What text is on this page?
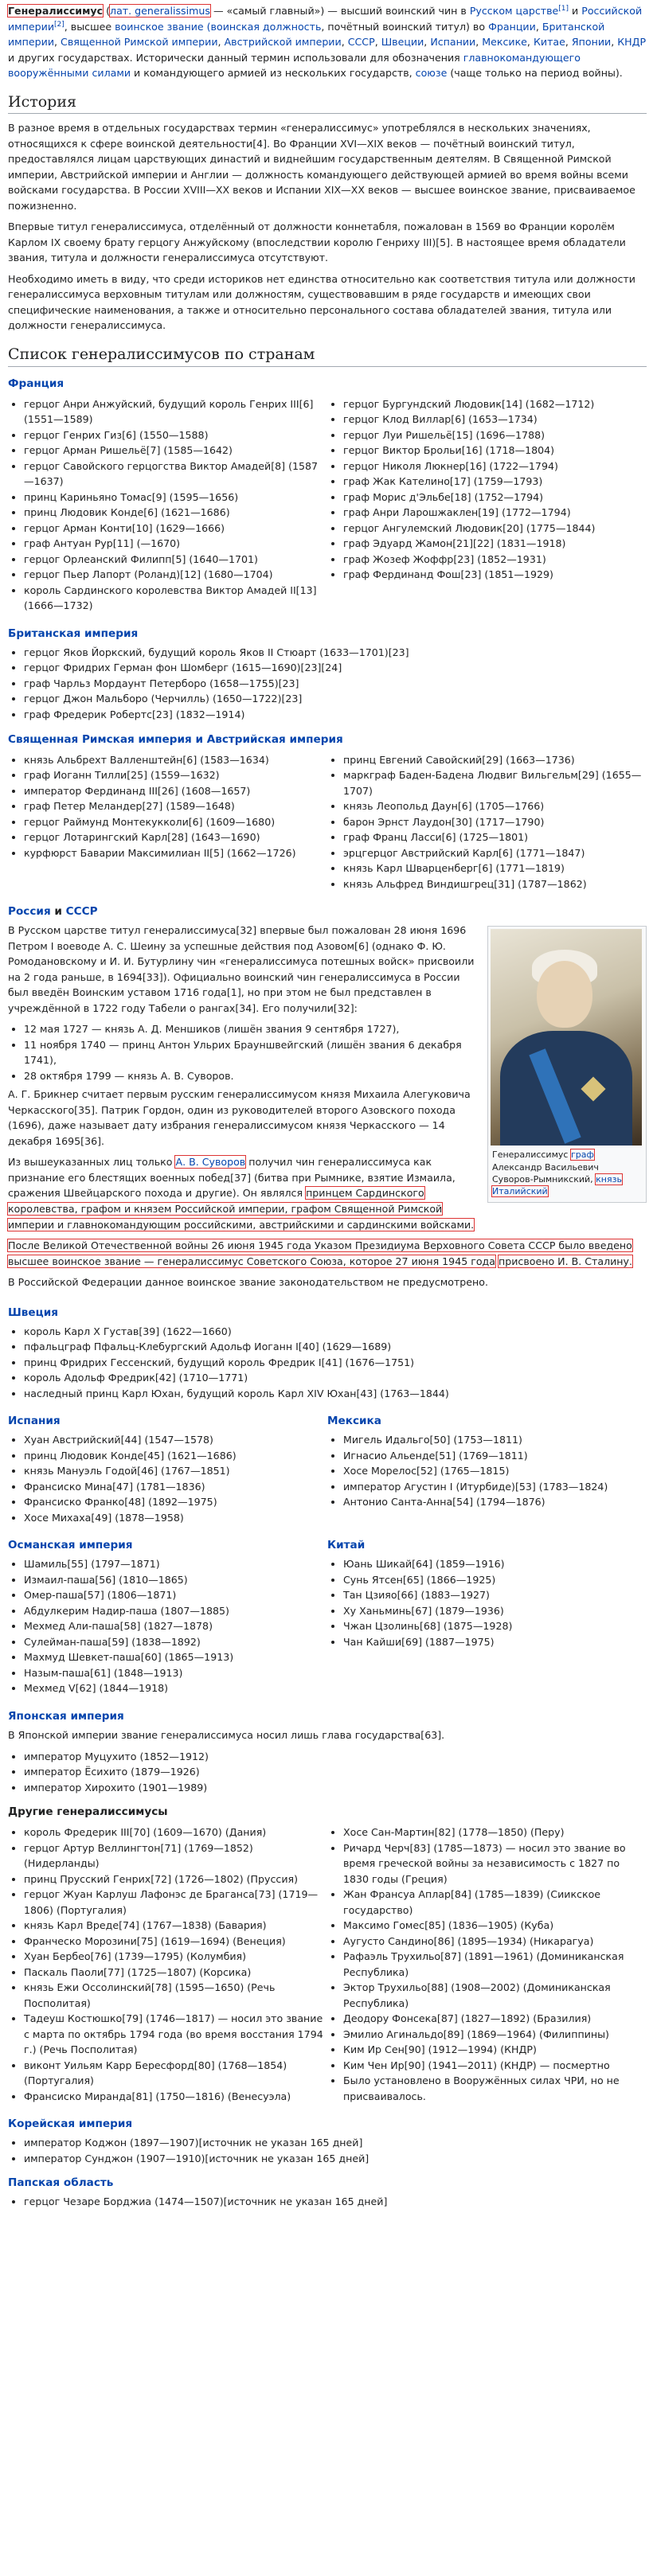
Генералиссимус (лат. generalissimus — «самый главный») — высший воинский чин в Русском царстве[1] и Российской империи[2], высшее воинское звание (воинская должность, почётный воинский титул) во Франции, Британской империи, Священной Римской империи, Австрийской империи, СССР, Швеции, Испании, Мексике, Китае, Японии, КНДР и других государствах. Исторически данный термин использовали для обозначения главнокомандующего вооружёнными силами и командующего армией из нескольких государств, союзе (чаще только на период войны).

История

В разное время в отдельных государствах термин «генералиссимус» употреблялся в нескольких значениях, относящихся к сфере воинской деятельности[4]. Во Франции XVI—XIX веков — почётный воинский титул, предоставлялся лицам царствующих династий и виднейшим государственным деятелям. В Священной Римской империи, Австрийской империи и Англии — должность командующего действующей армией во время войны всеми войсками государства. В России XVIII—XX веков и Испании XIX—XX веков — высшее воинское звание, присваиваемое пожизненно.

Впервые титул генералиссимуса, отделённый от должности коннетабля, пожалован в 1569 во Франции королём Карлом IX своему брату герцогу Анжуйскому (впоследствии королю Генриху III)[5]. В настоящее время обладатели звания, титула и должности генералиссимуса отсутствуют.

Необходимо иметь в виду, что среди историков нет единства относительно как соответствия титула или должности генералиссимуса верховным титулам или должностям, существовавшим в ряде государств и имеющих свои специфические наименования, а также и относительно персонального состава обладателей звания, титула или должности генералиссимуса.

Список генералиссимусов по странам
Франция
• герцог Анри Анжуйский, будущий король Генрих III[6] (1551—1589)
• герцог Генрих Гиз[6] (1550—1588)
• герцог Арман Ришельё[7] (1585—1642)
• герцог Савойского герцогства Виктор Амадей[8] (1587—1637)
• принц Кариньяно Томас[9] (1595—1656)
• принц Людовик Конде[6] (1621—1686)
• герцог Арман Конти[10] (1629—1666)
• граф Антуан Рур[11] (—1670)
• герцог Орлеанский Филипп[5] (1640—1701)
• герцог Пьер Лапорт (Роланд)[12] (1680—1704)
• король Сардинского королевства Виктор Амадей II[13] (1666—1732)
• герцог Бургундский Людовик[14] (1682—1712)
• герцог Клод Виллар[6] (1653—1734)
• герцог Луи Ришельё[15] (1696—1788)
• герцог Виктор Брольи[16] (1718—1804)
• герцог Николя Люкнер[16] (1722—1794)
• граф Жак Кателино[17] (1759—1793)
• граф Морис д'Эльбе[18] (1752—1794)
• граф Анри Ларошжаклен[19] (1772—1794)
• герцог Ангулемский Людовик[20] (1775—1844)
• граф Эдуард Жамон[21][22] (1831—1918)
• граф Жозеф Жоффр[23] (1852—1931)
• граф Фердинанд Фош[23] (1851—1929)
Британская империя
• герцог Яков Йоркский, будущий король Яков II Стюарт (1633—1701)[23]
• герцог Фридрих Герман фон Шомберг (1615—1690)[23][24]
• граф Чарльз Мордаунт Петерборо (1658—1755)[23]
• герцог Джон Мальборо (Черчилль) (1650—1722)[23]
• граф Фредерик Робертс[23] (1832—1914)
Священная Римская империя и Австрийская империя
• князь Альбрехт Валленштейн[6] (1583—1634)
• граф Иоганн Тилли[25] (1559—1632)
• император Фердинанд III[26] (1608—1657)
• граф Петер Меландер[27] (1589—1648)
• герцог Раймунд Монтекукколи[6] (1609—1680)
• герцог Лотарингский Карл[28] (1643—1690)
• курфюрст Баварии Максимилиан II[5] (1662—1726)
• принц Евгений Савойский[29] (1663—1736)
• маркграф Баден-Баденa Людвиг Вильгельм[29] (1655—1707)
• князь Леопольд Даун[6] (1705—1766)
• барон Эрнст Лаудон[30] (1717—1790)
• граф Франц Ласси[6] (1725—1801)
• эрцгерцог Австрийский Карл[6] (1771—1847)
• князь Карл Шварценберг[6] (1771—1819)
• князь Альфред Виндишгрец[31] (1787—1862)
Россия и СССР
Генералиссимус граф Александр Васильевич Суворов-Рымникский, князь Италийский

В Русском царстве титул генералиссимуса[32] впервые был пожалован 28 июня 1696 Петром I воеводе А. С. Шеину за успешные действия под Азовом[6] (однако Ф. Ю. Ромодановскому и И. И. Бутурлину чин «генералиссимуса потешных войск» присвоили на 2 года раньше, в 1694[33]). Официально воинский чин генералиссимуса в России был введён Воинским уставом 1716 года[1], но при этом не был представлен в учреждённой в 1722 году Табели о рангах[34]. Его получили[32]:

• 12 мая 1727 — князь А. Д. Меншиков (лишён звания 9 сентября 1727),
• 11 ноября 1740 — принц Антон Ульрих Брауншвейгский (лишён звания 6 декабря 1741),
• 28 октября 1799 — князь А. В. Суворов.

А. Г. Брикнер считает первым русским генералиссимусом князя Михаила Алегуковича Черкасского[35]. Патрик Гордон, один из руководителей второго Азовского похода (1696), даже называет дату избрания генералиссимусом князя Черкасского — 14 декабря 1695[36].

Из вышеуказанных лиц только А. В. Суворов получил чин генералиссимуса как признание его блестящих военных побед[37] (битва при Рымнике, взятие Измаила, сражения Швейцарского похода и другие). Он являлся принцем Сардинского королевства, графом и князем Российской империи, графом Священной Римской империи и главнокомандующим российскими, австрийскими и сардинскими войсками.

После Великой Отечественной войны 26 июня 1945 года Указом Президиума Верховного Совета СССР было введено высшее воинское звание — генералиссимус Советского Союза, которое 27 июня 1945 года присвоено И. В. Сталину.

В Российской Федерации данное воинское звание законодательством не предусмотрено.

Швеция
• король Карл X Густав[39] (1622—1660)
• пфальцграф Пфальц-Клебургский Адольф Иоганн I[40] (1629—1689)
• принц Фридрих Гессенский, будущий король Фредрик I[41] (1676—1751)
• король Адольф Фредрик[42] (1710—1771)
• наследный принц Карл Юхан, будущий король Карл XIV Юхан[43] (1763—1844)
Испания
• Хуан Австрийский[44] (1547—1578)
• принц Людовик Конде[45] (1621—1686)
• князь Мануэль Годой[46] (1767—1851)
• Франсиско Мина[47] (1781—1836)
• Франсиско Франко[48] (1892—1975)
• Хосе Михаха[49] (1878—1958)
Мексика
• Мигель Идальго[50] (1753—1811)
• Игнасио Альенде[51] (1769—1811)
• Хосе Морелос[52] (1765—1815)
• император Агустин I (Итурбиде)[53] (1783—1824)
• Антонио Санта-Анна[54] (1794—1876)
Османская империя
• Шамиль[55] (1797—1871)
• Измаил-паша[56] (1810—1865)
• Омер-паша[57] (1806—1871)
• Абдулкерим Надир-паша (1807—1885)
• Мехмед Али-паша[58] (1827—1878)
• Сулейман-паша[59] (1838—1892)
• Махмуд Шевкет-паша[60] (1865—1913)
• Назым-паша[61] (1848—1913)
• Мехмед V[62] (1844—1918)
Китай
• Юань Шикай[64] (1859—1916)
• Сунь Ятсен[65] (1866—1925)
• Тан Цзияо[66] (1883—1927)
• Ху Ханьминь[67] (1879—1936)
• Чжан Цзолинь[68] (1875—1928)
• Чан Кайши[69] (1887—1975)
Японская империя

В Японской империи звание генералиссимуса носил лишь глава государства[63].

• император Муцухито (1852—1912)
• император Ёсихито (1879—1926)
• император Хирохито (1901—1989)
Другие генералиссимусы
• король Фредерик III[70] (1609—1670) (Дания)
• герцог Артур Веллингтон[71] (1769—1852) (Нидерланды)
• принц Прусский Генрих[72] (1726—1802) (Пруссия)
• герцог Жуан Карлуш Лафонэс де Браганса[73] (1719—1806) (Португалия)
• князь Карл Вреде[74] (1767—1838) (Бавария)
• Франческо Морозини[75] (1619—1694) (Венеция)
• Хуан Бербео[76] (1739—1795) (Колумбия)
• Паскаль Паоли[77] (1725—1807) (Корсика)
• князь Ежи Оссолинский[78] (1595—1650) (Речь Посполитая)
• Тадеуш Костюшко[79] (1746—1817) — носил это звание с марта по октябрь 1794 года (во время восстания 1794 г.) (Речь Посполитая)
• виконт Уильям Карр Бересфорд[80] (1768—1854) (Португалия)
• Франсиско Миранда[81] (1750—1816) (Венесуэла)
• Хосе Сан-Мартин[82] (1778—1850) (Перу)
• Ричард Черч[83] (1785—1873) — носил это звание во время греческой войны за независимость с 1827 по 1830 годы (Греция)
• Жан Франсуа Аплар[84] (1785—1839) (Сиикское государство)
• Максимо Гомес[85] (1836—1905) (Куба)
• Аугусто Сандино[86] (1895—1934) (Никарагуа)
• Рафаэль Трухильо[87] (1891—1961) (Доминиканская Республика)
• Эктор Трухильо[88] (1908—2002) (Доминиканская Республика)
• Деодору Фонсека[87] (1827—1892) (Бразилия)
• Эмилио Агинальдо[89] (1869—1964) (Филиппины)
• Ким Ир Сен[90] (1912—1994) (КНДР)
• Ким Чен Ир[90] (1941—2011) (КНДР) — посмертно
• Было установлено в Вооружённых силах ЧРИ, но не присваивалось.
Корейская империя
• император Коджон (1897—1907)[источник не указан 165 дней]
• император Сунджон (1907—1910)[источник не указан 165 дней]
Папская область
• герцог Чезаре Борджиа (1474—1507)[источник не указан 165 дней]
